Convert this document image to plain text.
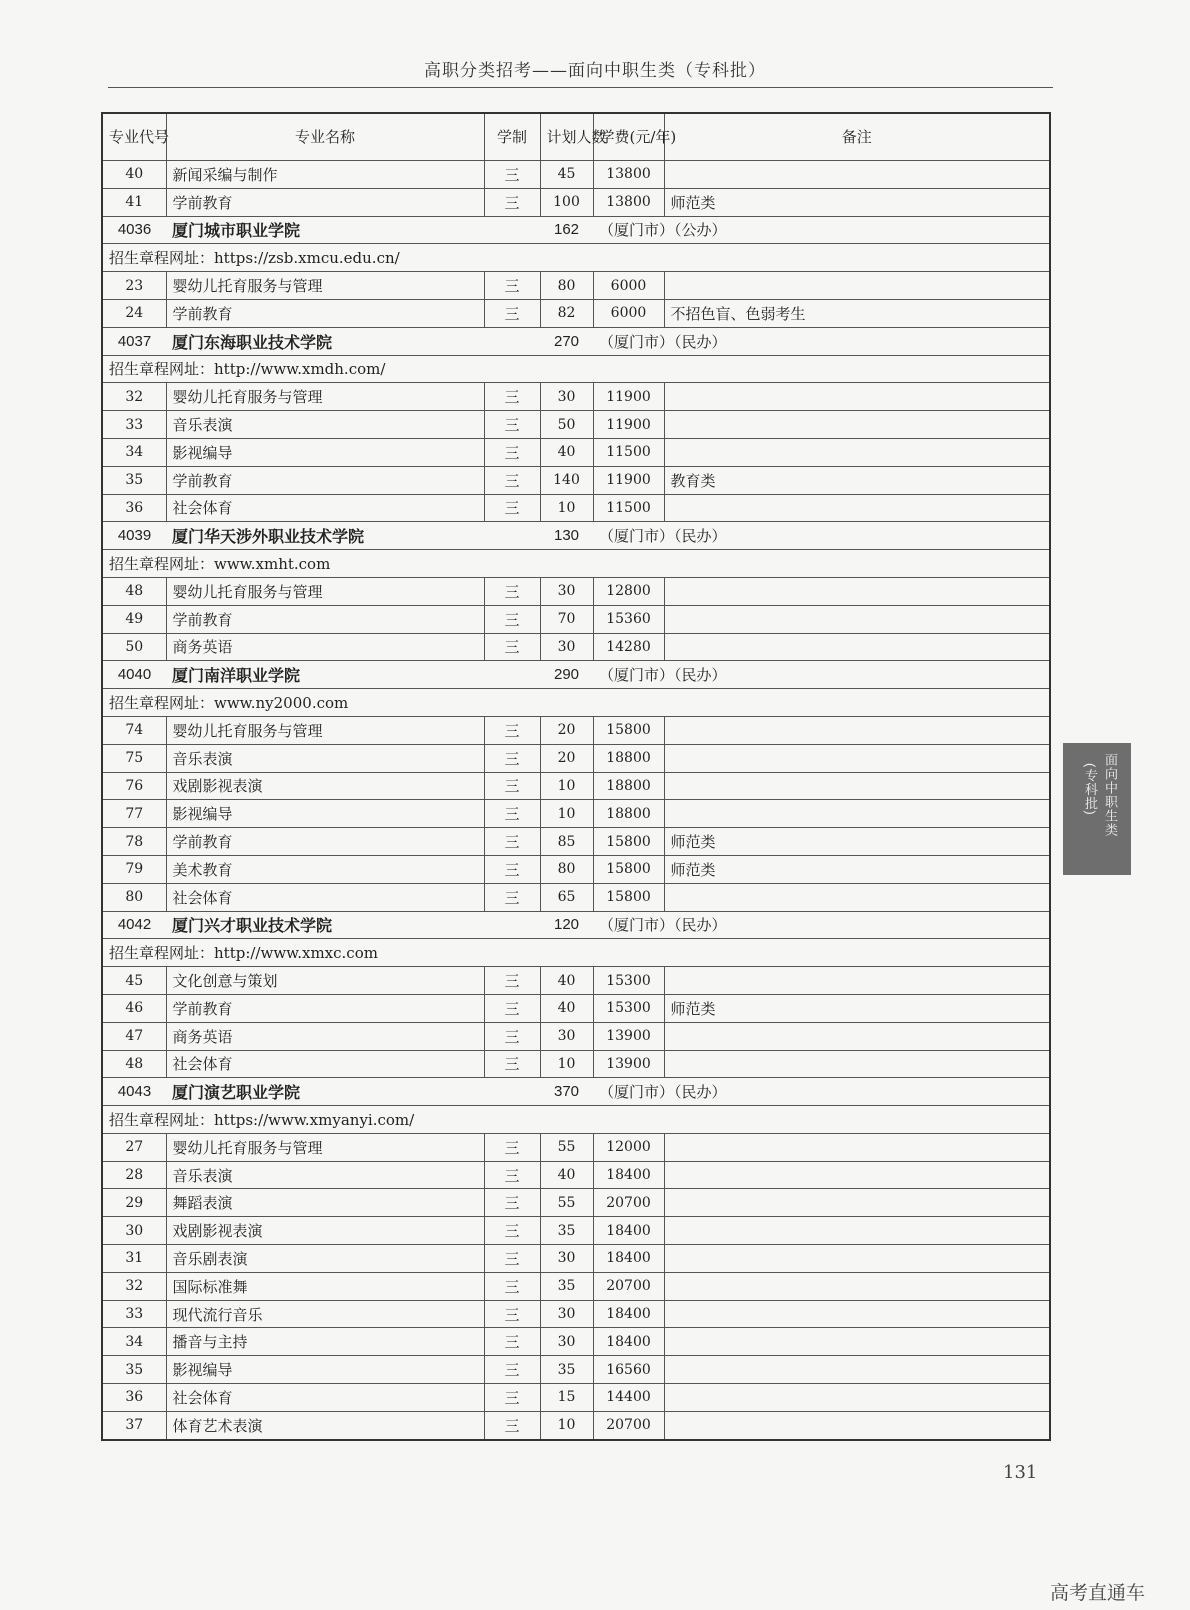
高职分类招考——面向中职生类（专科批）
专业代号	专业名称	学制	计划人数	学费(元/年)	备注
40	新闻采编与制作	三	45	13800	
41	学前教育	三	100	13800	师范类
4036	厦门城市职业学院		162	（厦门市）（公办）	
招生章程网址：https://zsb.xmcu.edu.cn/					
23	婴幼儿托育服务与管理	三	80	6000	
24	学前教育	三	82	6000	不招色盲、色弱考生
4037	厦门东海职业技术学院		270	（厦门市）（民办）	
招生章程网址：http://www.xmdh.com/					
32	婴幼儿托育服务与管理	三	30	11900	
33	音乐表演	三	50	11900	
34	影视编导	三	40	11500	
35	学前教育	三	140	11900	教育类
36	社会体育	三	10	11500	
4039	厦门华天涉外职业技术学院		130	（厦门市）（民办）	
招生章程网址：www.xmht.com					
48	婴幼儿托育服务与管理	三	30	12800	
49	学前教育	三	70	15360	
50	商务英语	三	30	14280	
4040	厦门南洋职业学院		290	（厦门市）（民办）	
招生章程网址：www.ny2000.com					
74	婴幼儿托育服务与管理	三	20	15800	
75	音乐表演	三	20	18800	
76	戏剧影视表演	三	10	18800	
77	影视编导	三	10	18800	
78	学前教育	三	85	15800	师范类
79	美术教育	三	80	15800	师范类
80	社会体育	三	65	15800	
4042	厦门兴才职业技术学院		120	（厦门市）（民办）	
招生章程网址：http://www.xmxc.com					
45	文化创意与策划	三	40	15300	
46	学前教育	三	40	15300	师范类
47	商务英语	三	30	13900	
48	社会体育	三	10	13900	
4043	厦门演艺职业学院		370	（厦门市）（民办）	
招生章程网址：https://www.xmyanyi.com/					
27	婴幼儿托育服务与管理	三	55	12000	
28	音乐表演	三	40	18400	
29	舞蹈表演	三	55	20700	
30	戏剧影视表演	三	35	18400	
31	音乐剧表演	三	30	18400	
32	国际标准舞	三	35	20700	
33	现代流行音乐	三	30	18400	
34	播音与主持	三	30	18400	
35	影视编导	三	35	16560	
36	社会体育	三	15	14400	
37	体育艺术表演	三	10	20700	
面向中职生类
(专科批)
131
高考直通车
